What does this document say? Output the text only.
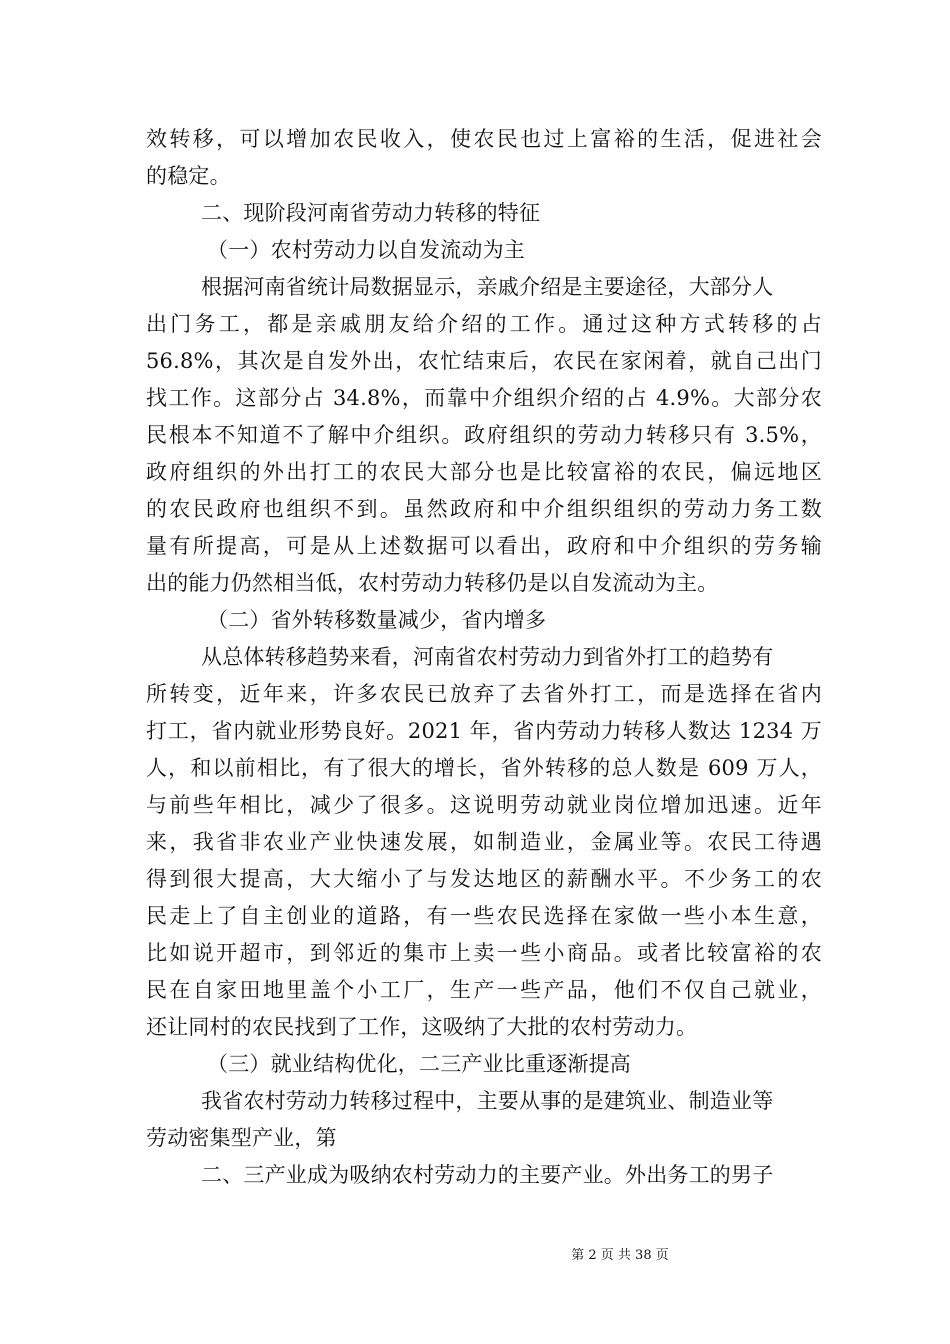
效转移，可以增加农民收入，使农民也过上富裕的生活，促进社会
的稳定。
二、现阶段河南省劳动力转移的特征
（一）农村劳动力以自发流动为主
根据河南省统计局数据显示，亲戚介绍是主要途径，大部分人
出门务工，都是亲戚朋友给介绍的工作。通过这种方式转移的占
56.8%，其次是自发外出，农忙结束后，农民在家闲着，就自己出门
找工作。这部分占 34.8%，而靠中介组织介绍的占 4.9%。大部分农
民根本不知道不了解中介组织。政府组织的劳动力转移只有 3.5%，
政府组织的外出打工的农民大部分也是比较富裕的农民，偏远地区
的农民政府也组织不到。虽然政府和中介组织组织的劳动力务工数
量有所提高，可是从上述数据可以看出，政府和中介组织的劳务输
出的能力仍然相当低，农村劳动力转移仍是以自发流动为主。
（二）省外转移数量减少，省内增多
从总体转移趋势来看，河南省农村劳动力到省外打工的趋势有
所转变，近年来，许多农民已放弃了去省外打工，而是选择在省内
打工，省内就业形势良好。2021 年，省内劳动力转移人数达 1234 万
人，和以前相比，有了很大的增长，省外转移的总人数是 609 万人，
与前些年相比，减少了很多。这说明劳动就业岗位增加迅速。近年
来，我省非农业产业快速发展，如制造业，金属业等。农民工待遇
得到很大提高，大大缩小了与发达地区的薪酬水平。不少务工的农
民走上了自主创业的道路，有一些农民选择在家做一些小本生意，
比如说开超市，到邻近的集市上卖一些小商品。或者比较富裕的农
民在自家田地里盖个小工厂，生产一些产品，他们不仅自己就业，
还让同村的农民找到了工作，这吸纳了大批的农村劳动力。
（三）就业结构优化，二三产业比重逐渐提高
我省农村劳动力转移过程中，主要从事的是建筑业、制造业等
劳动密集型产业，第
二、三产业成为吸纳农村劳动力的主要产业。外出务工的男子
第 2 页 共 38 页
